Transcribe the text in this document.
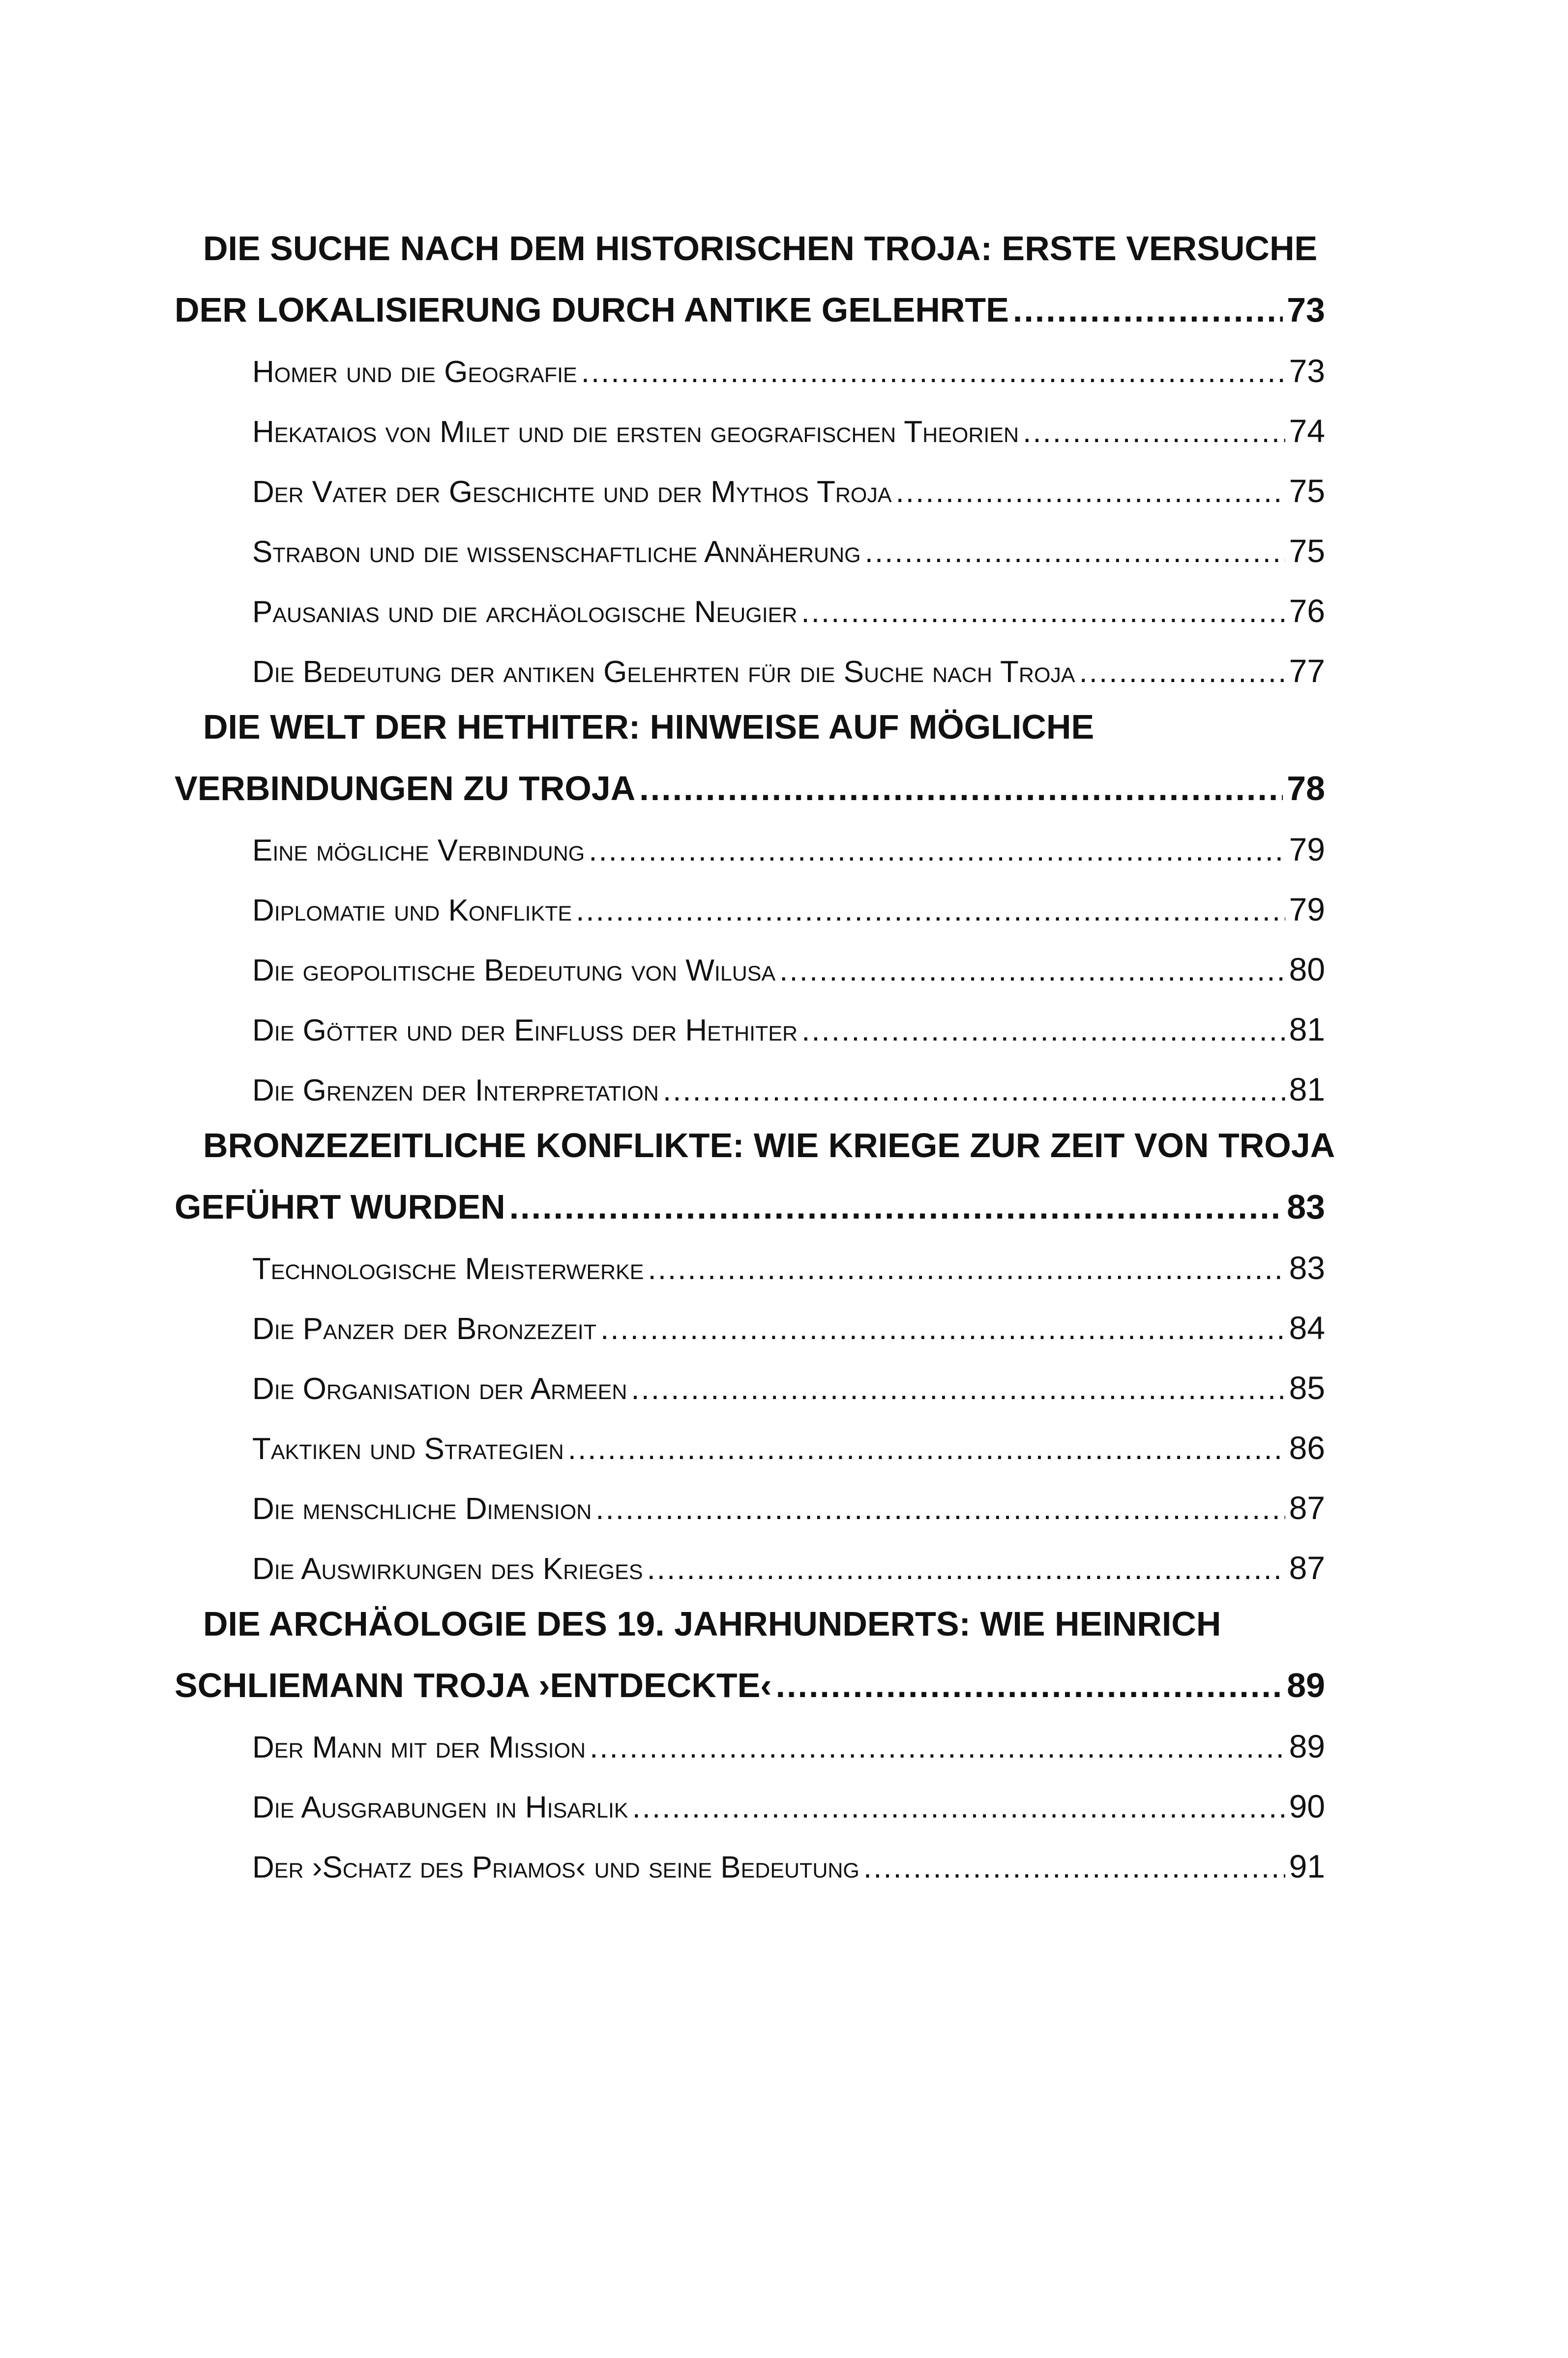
DIE SUCHE NACH DEM HISTORISCHEN TROJA: ERSTE VERSUCHE
DER LOKALISIERUNG DURCH ANTIKE GELEHRTE .....	73
Homer und die Geografie .....	73
Hekataios von Milet und die ersten geografischen Theorien .....	74
Der Vater der Geschichte und der Mythos Troja .....	75
Strabon und die wissenschaftliche Annäherung .....	75
Pausanias und die archäologische Neugier .....	76
Die Bedeutung der antiken Gelehrten für die Suche nach Troja .....	77
DIE WELT DER HETHITER: HINWEISE AUF MÖGLICHE
VERBINDUNGEN ZU TROJA .....	78
Eine mögliche Verbindung .....	79
Diplomatie und Konflikte .....	79
Die geopolitische Bedeutung von Wilusa .....	80
Die Götter und der Einfluss der Hethiter .....	81
Die Grenzen der Interpretation .....	81
BRONZEZEITLICHE KONFLIKTE: WIE KRIEGE ZUR ZEIT VON TROJA
GEFÜHRT WURDEN .....	83
Technologische Meisterwerke .....	83
Die Panzer der Bronzezeit .....	84
Die Organisation der Armeen .....	85
Taktiken und Strategien .....	86
Die menschliche Dimension .....	87
Die Auswirkungen des Krieges .....	87
DIE ARCHÄOLOGIE DES 19. JAHRHUNDERTS: WIE HEINRICH
SCHLIEMANN TROJA ›ENTDECKTE‹ .....	89
Der Mann mit der Mission .....	89
Die Ausgrabungen in Hisarlik .....	90
Der ›Schatz des Priamos‹ und seine Bedeutung .....	91
